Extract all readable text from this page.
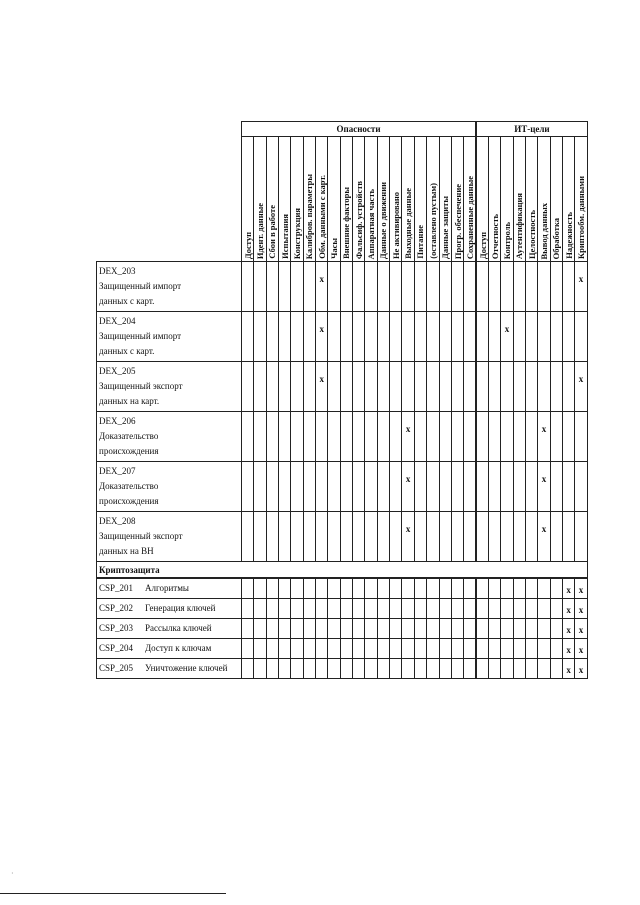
	Опасности																			ИТ-цели								

	Доступ	Идент. данные	Сбои в работе	Испытания	Конструкция	Калибров. параметры	Обм. данными с карт.	Часы	Внешние факторы	Фальсиф. устройств	Аппаратная часть	Данные о движении	Не активировано	Выходные данные	Питание	(оставлено пустым)	Данные защиты	Прогр. обеспечение	Сохраненные данные	Доступ	Отчетность	Контроль	Аутентификация	Целостность	Вывод данных	Обработка	Надежность	Криптообм. данными

DEX_203Защищенный импорт данных с карт.							x																					x
DEX_204Защищенный импорт данных с карт.							x															x						
DEX_205Защищенный экспорт данных на карт.							x																					x
DEX_206Доказательство происхождения														x											x			
DEX_207Доказательство происхождения														x											x			
DEX_208Защищенный экспорт данных на ВН														x											x			
Криптозащита																												
CSP_201 Алгоритмы																											x	x
CSP_202 Генерация ключей																											x	x
CSP_203 Рассылка ключей																											x	x
CSP_204 Доступ к ключам																											x	x
CSP_205 Уничтожение ключей																											x	x
·
